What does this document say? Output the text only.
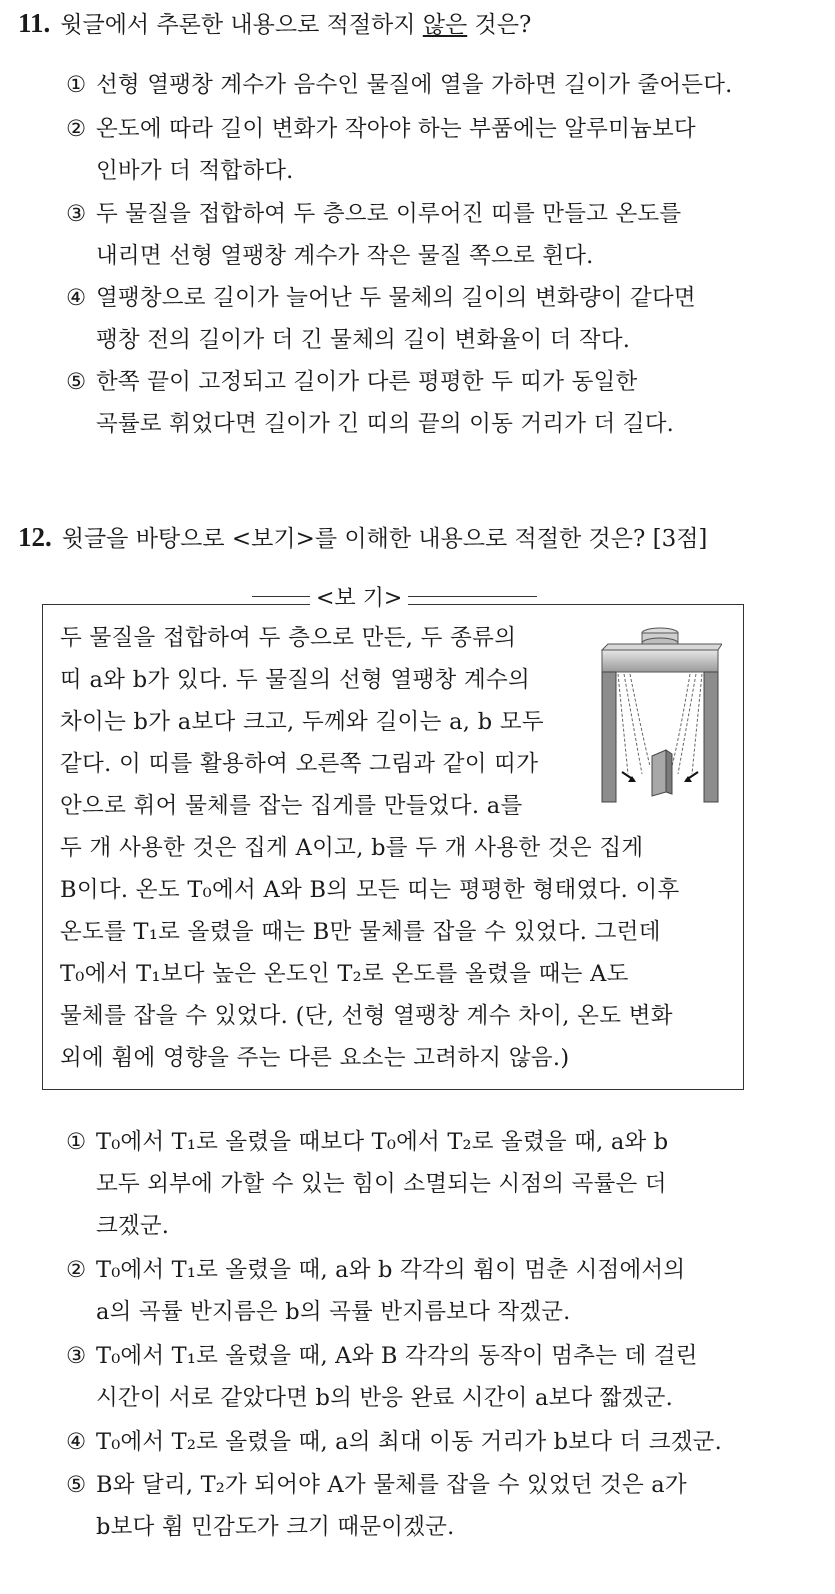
11. 윗글에서 추론한 내용으로 적절하지 않은 것은?
① 선형 열팽창 계수가 음수인 물질에 열을 가하면 길이가 줄어든다.
② 온도에 따라 길이 변화가 작아야 하는 부품에는 알루미늄보다
인바가 더 적합하다.
③ 두 물질을 접합하여 두 층으로 이루어진 띠를 만들고 온도를
내리면 선형 열팽창 계수가 작은 물질 쪽으로 휜다.
④ 열팽창으로 길이가 늘어난 두 물체의 길이의 변화량이 같다면
팽창 전의 길이가 더 긴 물체의 길이 변화율이 더 작다.
⑤ 한쪽 끝이 고정되고 길이가 다른 평평한 두 띠가 동일한
곡률로 휘었다면 길이가 긴 띠의 끝의 이동 거리가 더 길다.
12. 윗글을 바탕으로 <보기>를 이해한 내용으로 적절한 것은? [3점]
<보 기>
두 물질을 접합하여 두 층으로 만든, 두 종류의
띠 a와 b가 있다. 두 물질의 선형 열팽창 계수의
차이는 b가 a보다 크고, 두께와 길이는 a, b 모두
같다. 이 띠를 활용하여 오른쪽 그림과 같이 띠가
안으로 휘어 물체를 잡는 집게를 만들었다. a를
두 개 사용한 것은 집게 A이고, b를 두 개 사용한 것은 집게
B이다. 온도 T₀에서 A와 B의 모든 띠는 평평한 형태였다. 이후
온도를 T₁로 올렸을 때는 B만 물체를 잡을 수 있었다. 그런데
T₀에서 T₁보다 높은 온도인 T₂로 온도를 올렸을 때는 A도
물체를 잡을 수 있었다. (단, 선형 열팽창 계수 차이, 온도 변화
외에 휨에 영향을 주는 다른 요소는 고려하지 않음.)
① T₀에서 T₁로 올렸을 때보다 T₀에서 T₂로 올렸을 때, a와 b
모두 외부에 가할 수 있는 힘이 소멸되는 시점의 곡률은 더
크겠군.
② T₀에서 T₁로 올렸을 때, a와 b 각각의 휨이 멈춘 시점에서의
a의 곡률 반지름은 b의 곡률 반지름보다 작겠군.
③ T₀에서 T₁로 올렸을 때, A와 B 각각의 동작이 멈추는 데 걸린
시간이 서로 같았다면 b의 반응 완료 시간이 a보다 짧겠군.
④ T₀에서 T₂로 올렸을 때, a의 최대 이동 거리가 b보다 더 크겠군.
⑤ B와 달리, T₂가 되어야 A가 물체를 잡을 수 있었던 것은 a가
b보다 휨 민감도가 크기 때문이겠군.
